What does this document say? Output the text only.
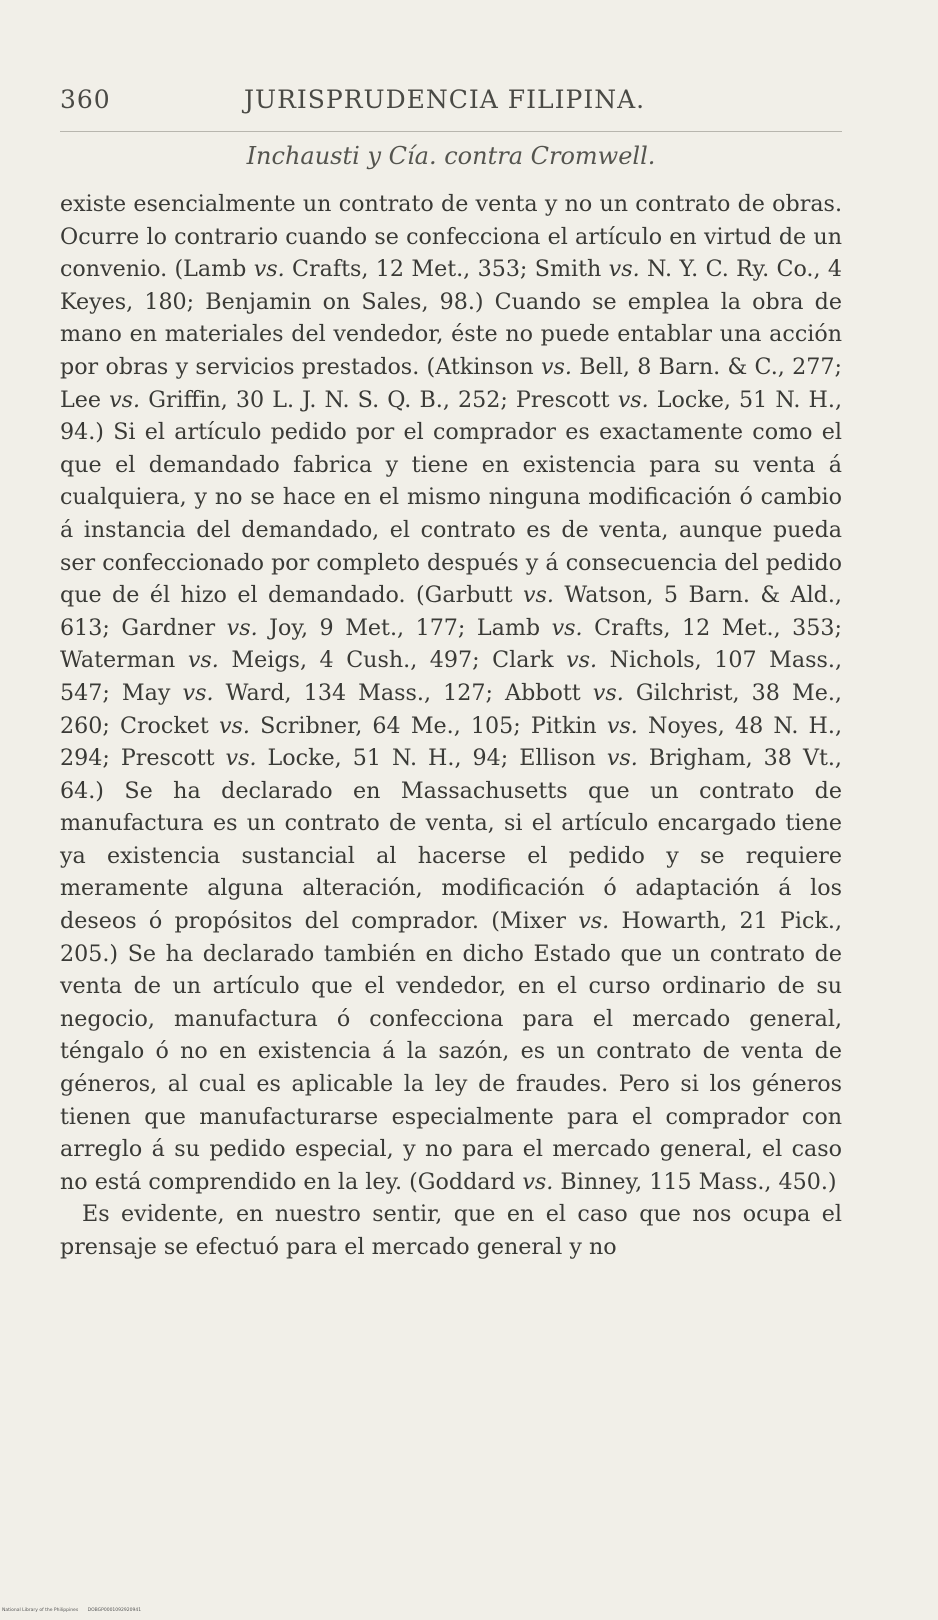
360	JURISPRUDENCIA FILIPINA.
Inchausti y Cía. contra Cromwell.

existe esencialmente un contrato de venta y no un contrato de obras. Ocurre lo contrario cuando se confecciona el artículo en virtud de un convenio. (Lamb vs. Crafts, 12 Met., 353; Smith vs. N. Y. C. Ry. Co., 4 Keyes, 180; Benjamin on Sales, 98.) Cuando se emplea la obra de mano en materiales del vendedor, éste no puede entablar una acción por obras y servicios prestados. (Atkinson vs. Bell, 8 Barn. & C., 277; Lee vs. Griffin, 30 L. J. N. S. Q. B., 252; Prescott vs. Locke, 51 N. H., 94.) Si el artículo pedido por el comprador es exactamente como el que el demandado fabrica y tiene en existencia para su venta á cualquiera, y no se hace en el mismo ninguna modificación ó cambio á instancia del demandado, el contrato es de venta, aunque pueda ser confeccionado por completo después y á consecuencia del pedido que de él hizo el demandado. (Garbutt vs. Watson, 5 Barn. & Ald., 613; Gardner vs. Joy, 9 Met., 177; Lamb vs. Crafts, 12 Met., 353; Waterman vs. Meigs, 4 Cush., 497; Clark vs. Nichols, 107 Mass., 547; May vs. Ward, 134 Mass., 127; Abbott vs. Gilchrist, 38 Me., 260; Crocket vs. Scribner, 64 Me., 105; Pitkin vs. Noyes, 48 N. H., 294; Prescott vs. Locke, 51 N. H., 94; Ellison vs. Brigham, 38 Vt., 64.) Se ha declarado en Massachusetts que un contrato de manufactura es un contrato de venta, si el artículo encargado tiene ya existencia sustancial al hacerse el pedido y se requiere meramente alguna alteración, modificación ó adaptación á los deseos ó propósitos del comprador. (Mixer vs. Howarth, 21 Pick., 205.) Se ha declarado también en dicho Estado que un contrato de venta de un artículo que el vendedor, en el curso ordinario de su negocio, manufactura ó confecciona para el mercado general, téngalo ó no en existencia á la sazón, es un contrato de venta de géneros, al cual es aplicable la ley de fraudes. Pero si los géneros tienen que manufacturarse especialmente para el comprador con arreglo á su pedido especial, y no para el mercado general, el caso no está comprendido en la ley. (Goddard vs. Binney, 115 Mass., 450.)

Es evidente, en nuestro sentir, que en el caso que nos ocupa el prensaje se efectuó para el mercado general y no

National Library of the Philippines DOBGP0001092920941
